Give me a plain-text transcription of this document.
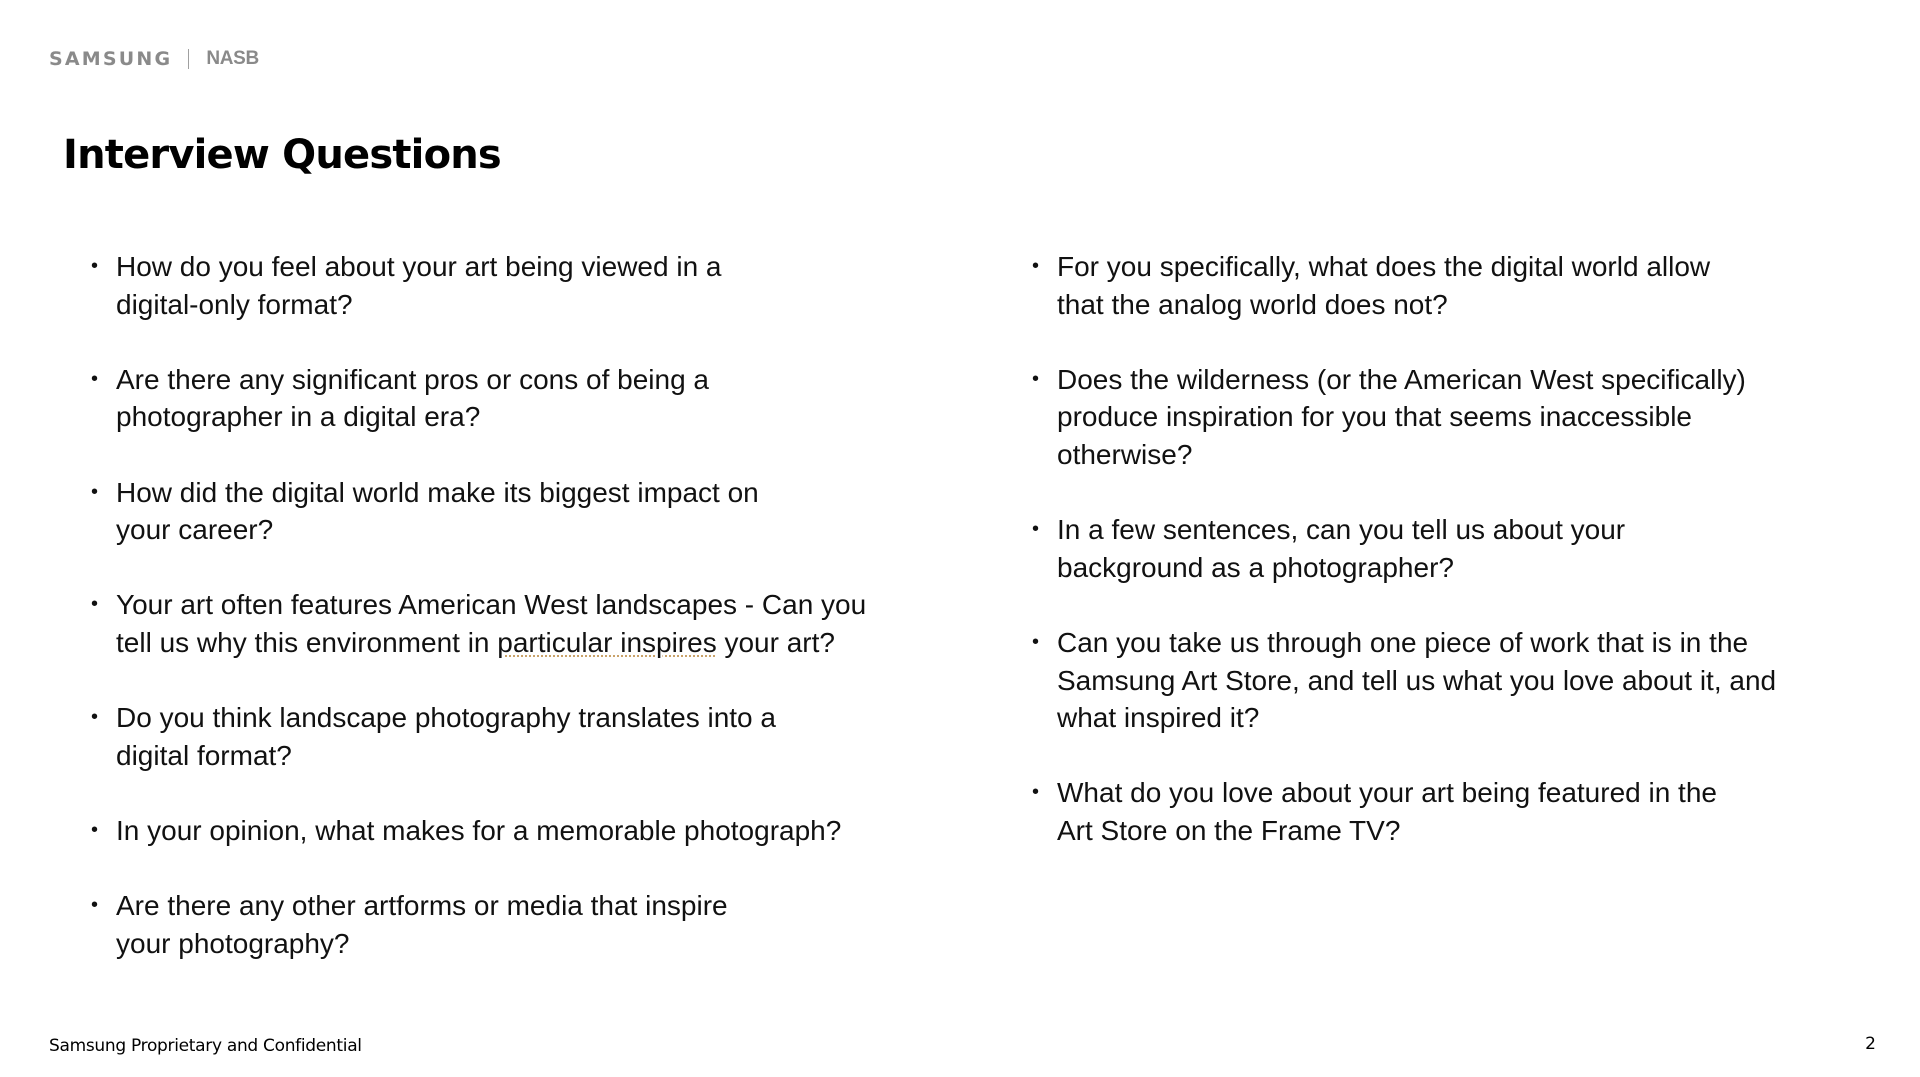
SAMSUNG NASB
Interview Questions
• How do you feel about your art being viewed in a
digital-only format?
• Are there any significant pros or cons of being a
photographer in a digital era?
• How did the digital world make its biggest impact on
your career?
• Your art often features American West landscapes - Can you
tell us why this environment in particular inspires your art?
• Do you think landscape photography translates into a
digital format?
• In your opinion, what makes for a memorable photograph?
• Are there any other artforms or media that inspire
your photography?
• For you specifically, what does the digital world allow
that the analog world does not?
• Does the wilderness (or the American West specifically)
produce inspiration for you that seems inaccessible
otherwise?
• In a few sentences, can you tell us about your
background as a photographer?
• Can you take us through one piece of work that is in the
Samsung Art Store, and tell us what you love about it, and
what inspired it?
• What do you love about your art being featured in the
Art Store on the Frame TV?
Samsung Proprietary and Confidential	2
